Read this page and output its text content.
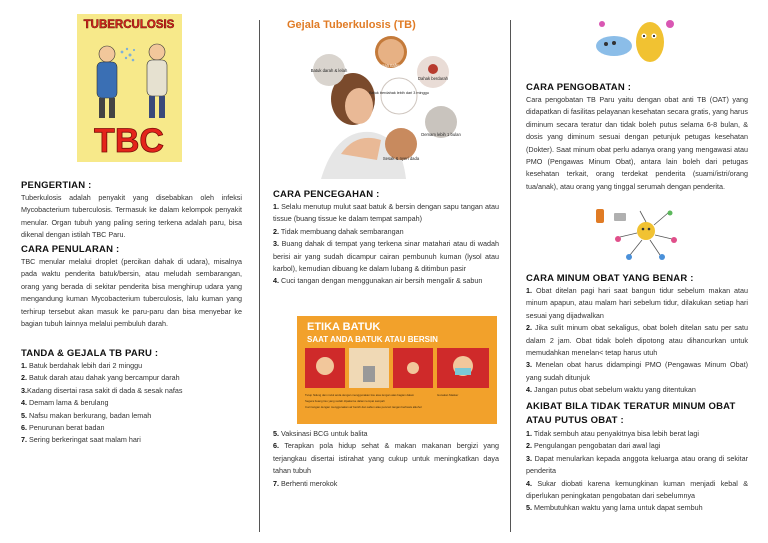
TUBERCULOSIS
TBC
PENGERTIAN :
Tuberkulosis adalah penyakit yang disebabkan oleh infeksi Mycobacterium tuberculosis. Termasuk ke dalam kelompok penyakit menular. Organ tubuh yang paling sering terkena adalah paru, bisa dikenal dengan istilah TBC Paru.
CARA PENULARAN :
TBC menular melalui droplet (percikan dahak di udara), misalnya pada waktu penderita batuk/bersin, atau meludah sembarangan, orang yang berada di sekitar penderita bisa menghirup udara yang mengandung kuman Mycobacterium tuberculosis, lalu kuman yang terhirup tersebut akan masuk ke paru-paru dan bisa menyebar ke bagian tubuh lainnya melalui pembuluh darah.
TANDA & GEJALA TB PARU :
1. Batuk berdahak lebih dari 2 minggu
2. Batuk darah atau dahak yang bercampur darah
3.Kadang disertai rasa sakit di dada & sesak nafas
4. Demam lama & berulang
5. Nafsu makan berkurang, badan lemah
6. Penurunan berat badan
7. Sering berkeringat saat malam hari
Gejala Tuberkulosis (TB)
Kehilangan nafsu makan
Batuk darah & lelah
Dahak berdarah
Batuk berdahak lebih dari 3 minggu
Demam lebih 1 bulan
Sesak & nyeri dada
CARA PENCEGAHAN :
1. Selalu menutup mulut saat batuk & bersin dengan sapu tangan atau tissue (buang tissue ke dalam tempat sampah)
2. Tidak membuang dahak sembarangan
3. Buang dahak di tempat yang terkena sinar matahari atau di wadah berisi air yang sudah dicampur cairan pembunuh kuman (lysol atau karbol), kemudian dibuang ke dalam lubang & ditimbun pasir
4. Cuci tangan dengan menggunakan air bersih mengalir & sabun
ETIKA BATUK
SAAT ANDA BATUK ATAU BERSIN
Tutup hidung dan mulut anda dengan menggunakan tisu atau lengan atas bagian dalam
Segera buang tisu yang sudah dipakai ke dalam tempat sampah
Cuci tangan dengan menggunakan air bersih dan sabun atau pencuci tangan berbasis alkohol
Gunakan Masker
5. Vaksinasi BCG untuk balita
6. Terapkan pola hidup sehat & makan makanan bergizi yang terjangkau disertai istirahat yang cukup untuk meningkatkan daya tahan tubuh
7. Berhenti merokok
CARA PENGOBATAN :
Cara pengobatan TB Paru yaitu dengan obat anti TB (OAT) yang didapatkan di fasilitas pelayanan kesehatan secara gratis, yang harus diminum secara teratur dan tidak boleh putus selama 6-8 bulan, & dosis yang diminum sesuai dengan petunjuk petugas kesehatan (Dokter). Saat minum obat perlu adanya orang yang mengawasi atau PMO (Pengawas Minum Obat), antara lain boleh dari petugas kesehatan terkait, orang terdekat penderita (suami/istri/orang tua/anak), atau orang yang tinggal serumah dengan penderita.
CARA MINUM OBAT YANG BENAR :
1. Obat ditelan pagi hari saat bangun tidur sebelum makan atau minum apapun, atau malam hari sebelum tidur, dilakukan setiap hari sesuai yang dijadwalkan
2. Jika sulit minum obat sekaligus, obat boleh ditelan satu per satu dalam 2 jam. Obat tidak boleh dipotong atau dihancurkan untuk memudahkan menelan< tetap harus utuh
3. Menelan obat harus didampingi PMO (Pengawas Minum Obat) yang sudah ditunjuk
4. Jangan putus obat sebelum waktu yang ditentukan
AKIBAT BILA TIDAK TERATUR MINUM OBAT ATAU PUTUS OBAT :
1. Tidak sembuh atau penyakitnya bisa lebih berat lagi
2. Pengulangan pengobatan dari awal lagi
3. Dapat menularkan kepada anggota keluarga atau orang di sekitar penderita
4. Sukar diobati karena kemungkinan kuman menjadi kebal & diperlukan peningkatan pengobatan dari sebelumnya
5. Membutuhkan waktu yang lama untuk dapat sembuh
